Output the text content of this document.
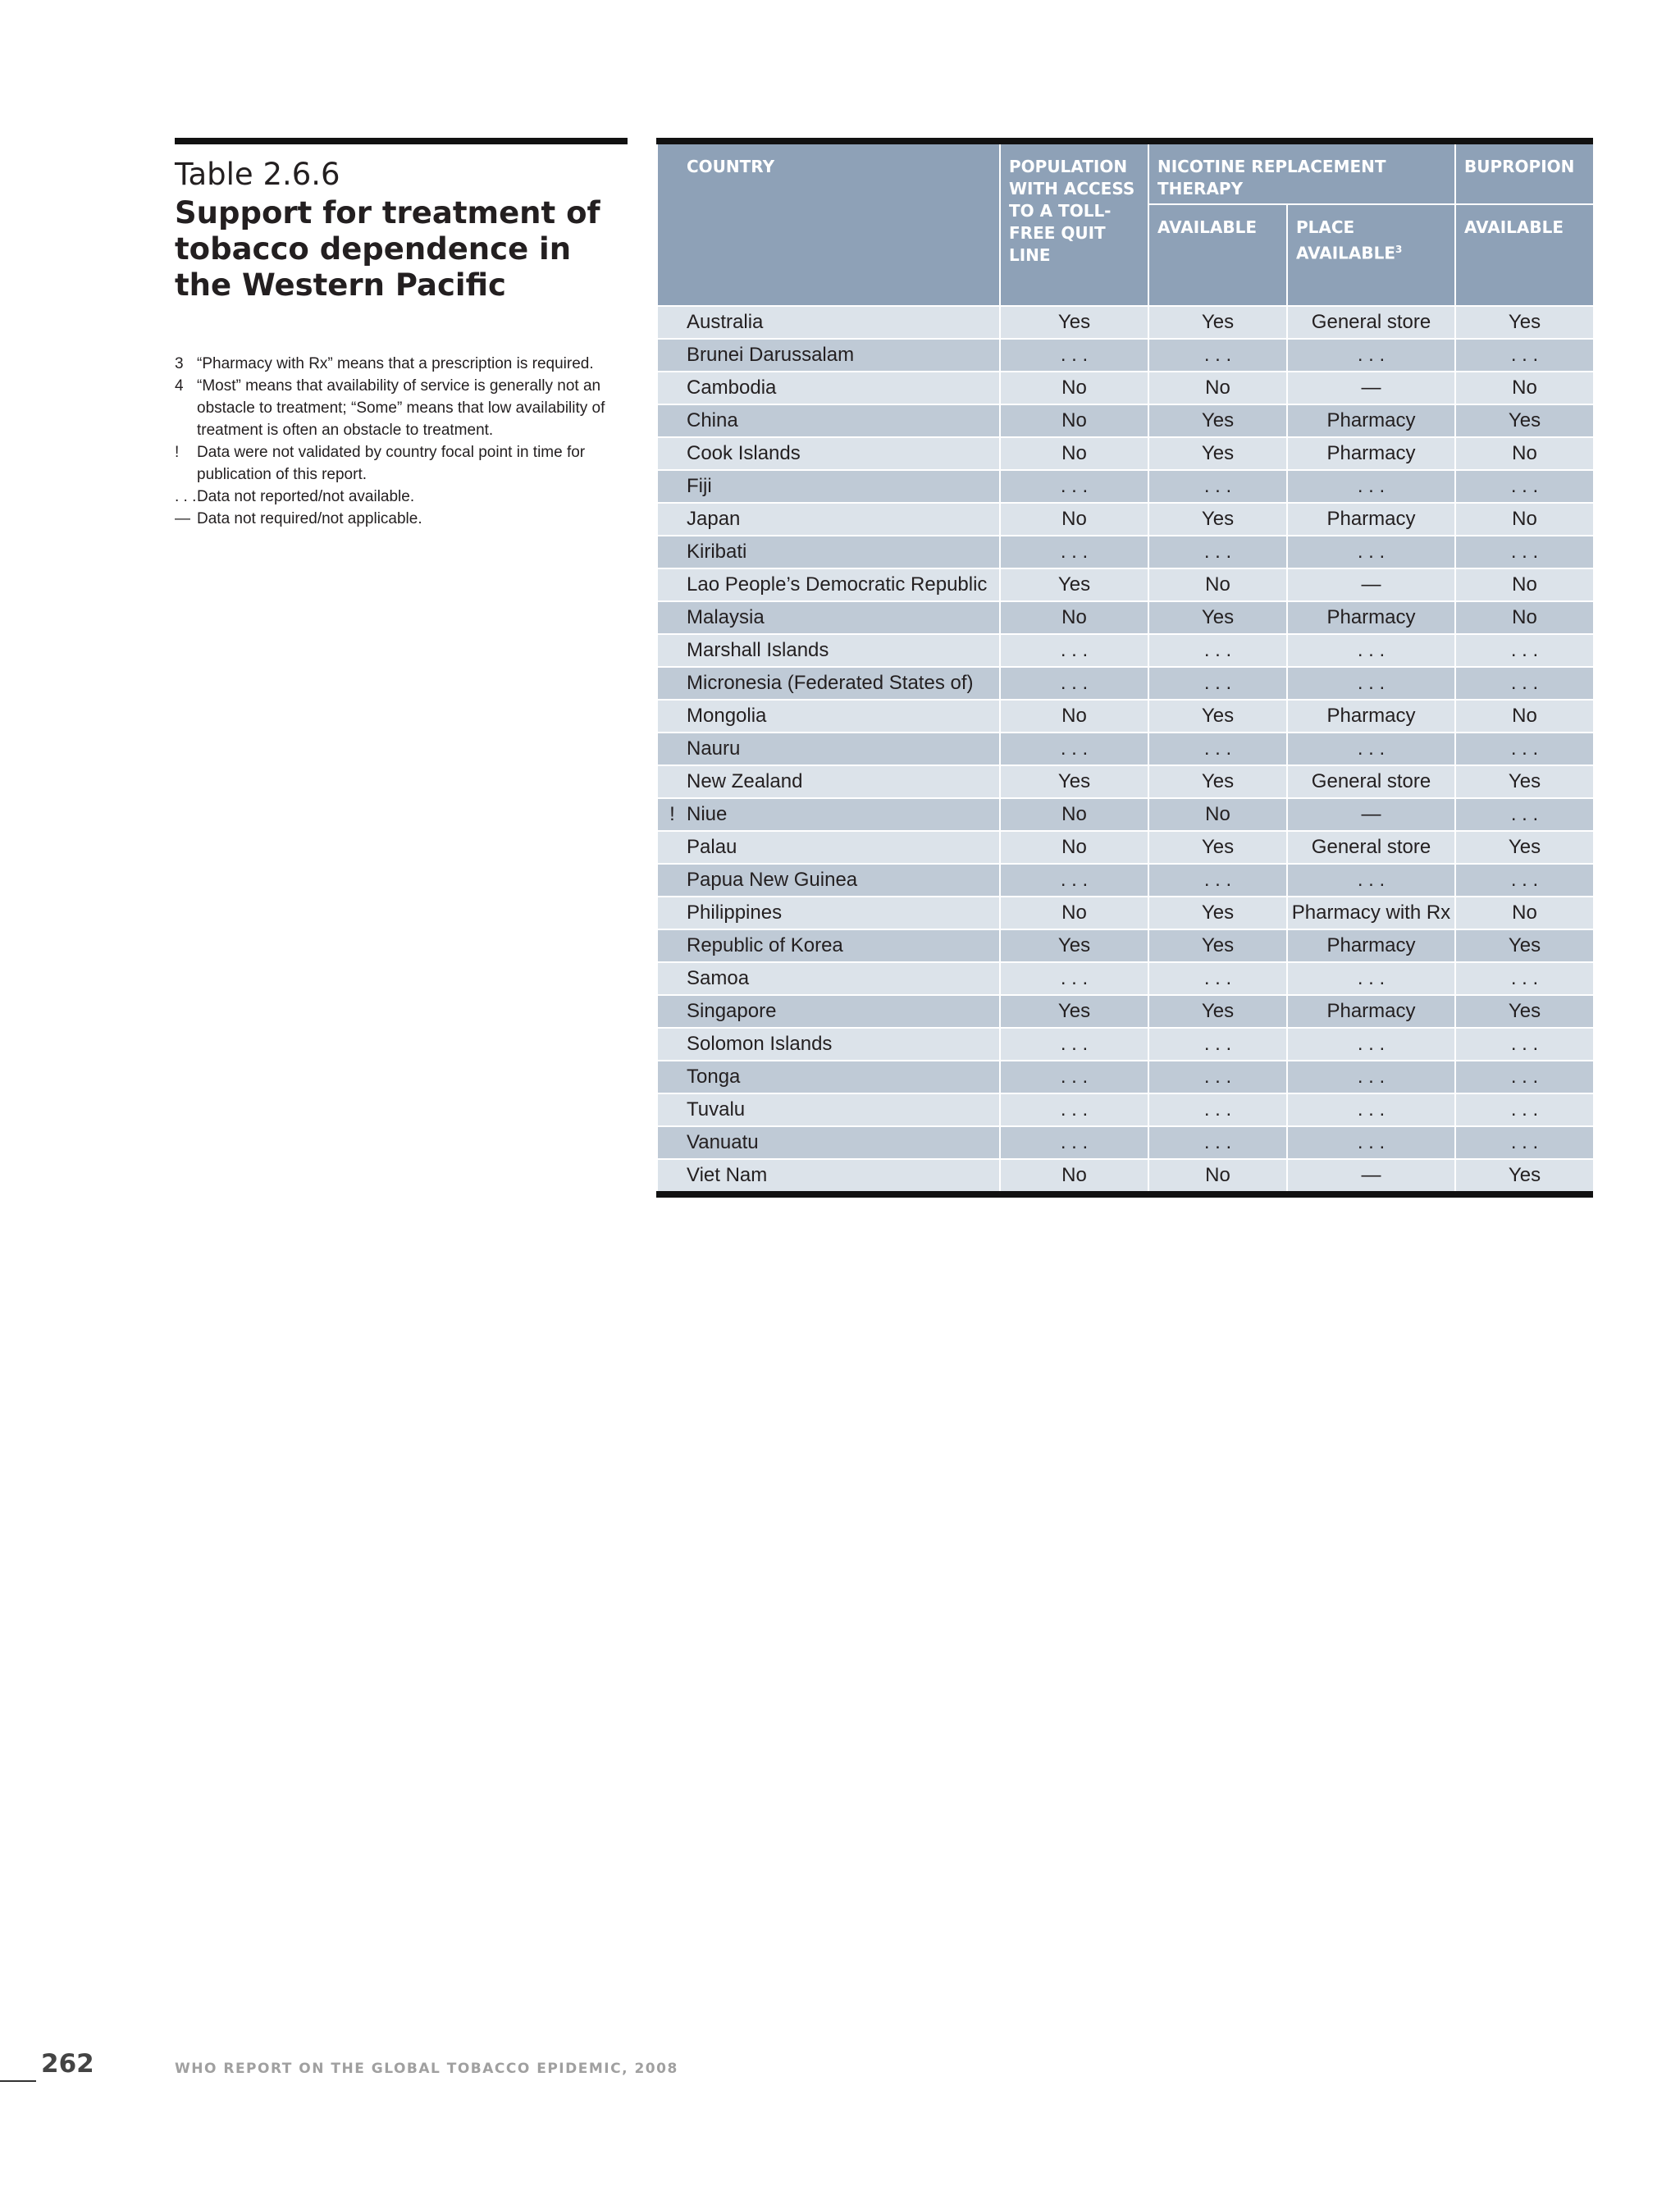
Table 2.6.6
Support for treatment of tobacco dependence in the Western Pacific
3 “Pharmacy with Rx” means that a prescription is required.
4 “Most” means that availability of service is generally not an obstacle to treatment; “Some” means that low availability of treatment is often an obstacle to treatment.
!	Data were not validated by country focal point in time for publication of this report.
. . . Data not reported/not available.
— Data not required/not applicable.
COUNTRY	POPULATION WITH ACCESS TO A TOLL-FREE QUIT LINE	NICOTINE REPLACEMENT THERAPY		BUPROPION
		AVAILABLE	PLACE AVAILABLE$^3$	AVAILABLE
Australia	Yes	Yes	General store	Yes
Brunei Darussalam	. . .	. . .	. . .	. . .
Cambodia	No	No	—	No
China	No	Yes	Pharmacy	Yes
Cook Islands	No	Yes	Pharmacy	No
Fiji	. . .	. . .	. . .	. . .
Japan	No	Yes	Pharmacy	No
Kiribati	. . .	. . .	. . .	. . .
Lao People’s Democratic Republic	Yes	No	—	No
Malaysia	No	Yes	Pharmacy	No
Marshall Islands	. . .	. . .	. . .	. . .
Micronesia (Federated States of)	. . .	. . .	. . .	. . .
Mongolia	No	Yes	Pharmacy	No
Nauru	. . .	. . .	. . .	. . .
New Zealand	Yes	Yes	General store	Yes
! Niue	No	No	—	. . .
Palau	No	Yes	General store	Yes
Papua New Guinea	. . .	. . .	. . .	. . .
Philippines	No	Yes	Pharmacy with Rx	No
Republic of Korea	Yes	Yes	Pharmacy	Yes
Samoa	. . .	. . .	. . .	. . .
Singapore	Yes	Yes	Pharmacy	Yes
Solomon Islands	. . .	. . .	. . .	. . .
Tonga	. . .	. . .	. . .	. . .
Tuvalu	. . .	. . .	. . .	. . .
Vanuatu	. . .	. . .	. . .	. . .
Viet Nam	No	No	—	Yes
262	WHO REPORT ON THE GLOBAL TOBACCO EPIDEMIC, 2008
